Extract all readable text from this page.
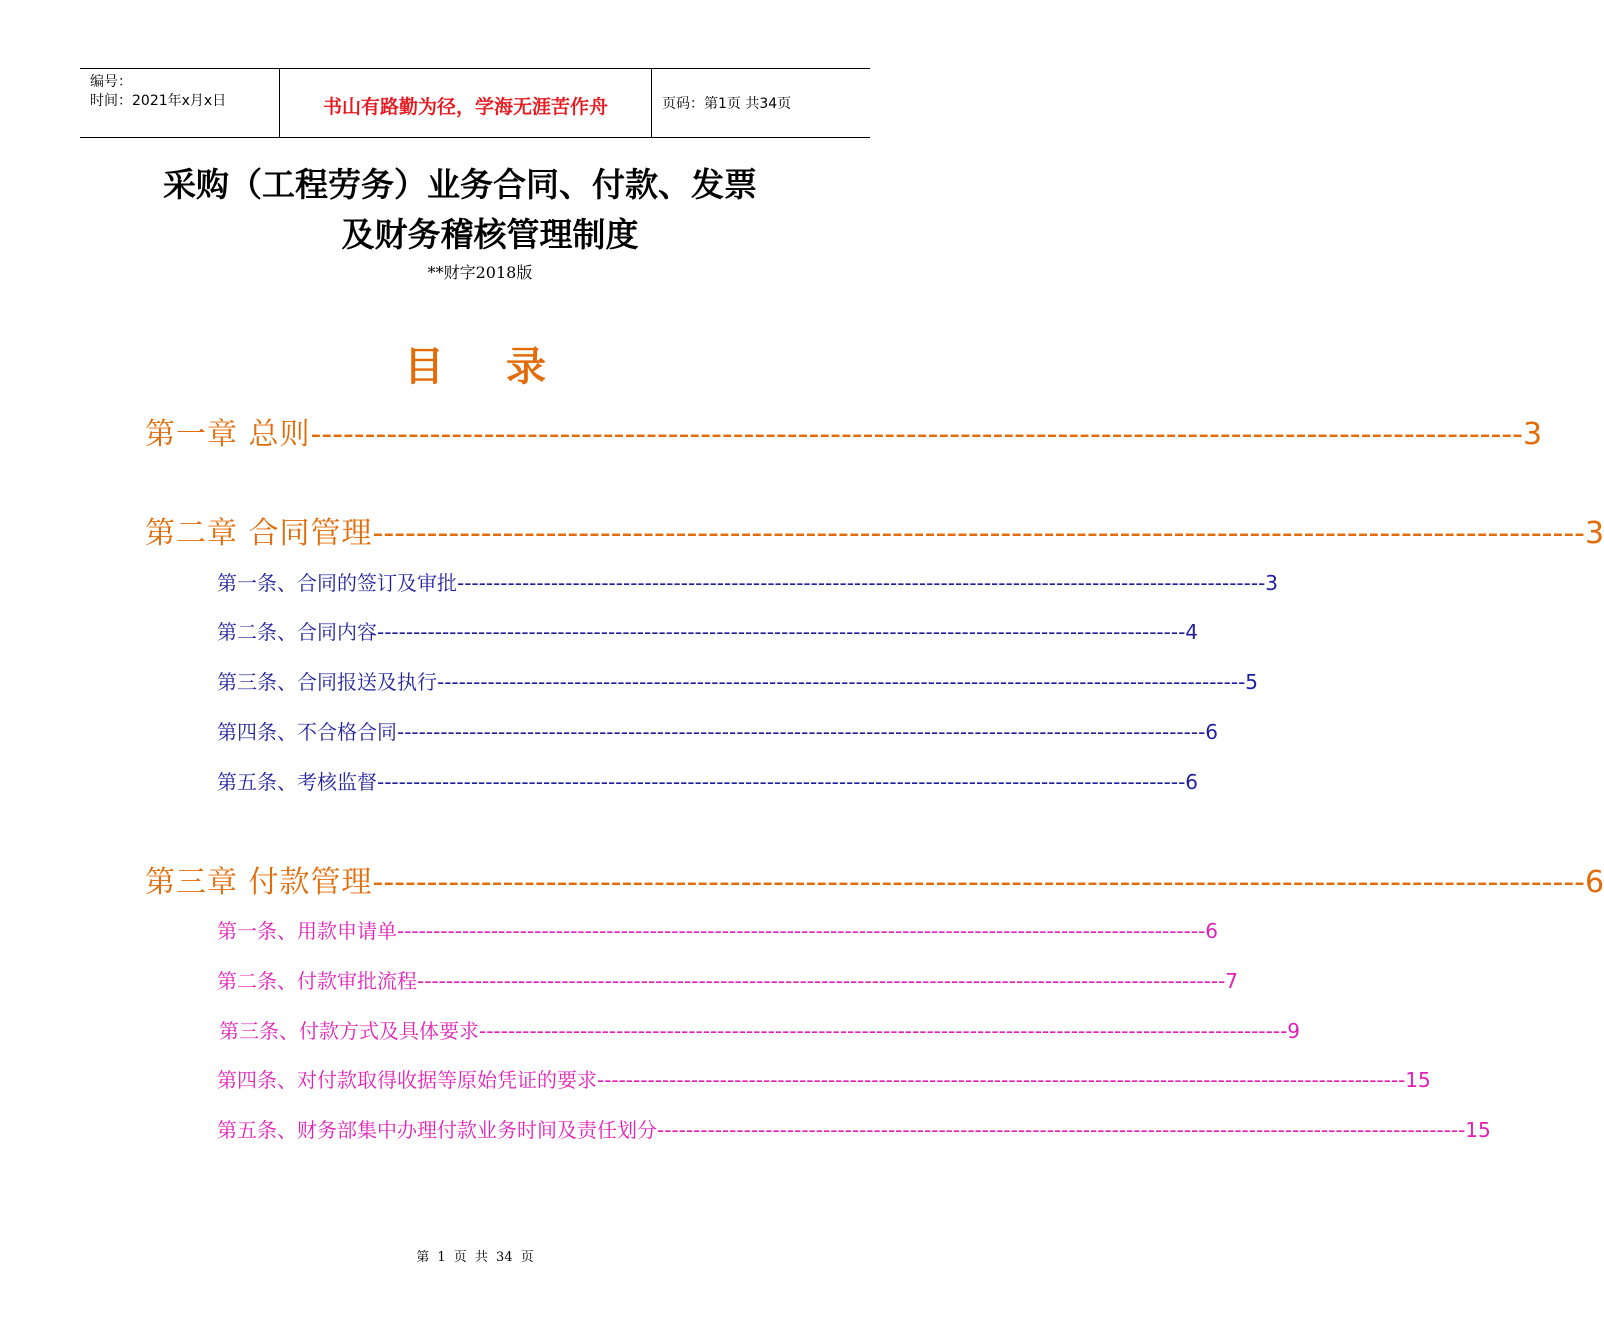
编号：
时间：2021年x月x日	书山有路勤为径，学海无涯苦作舟	页码：第1页 共34页
采购（工程劳务）业务合同、付款、发票
及财务稽核管理制度
**财字2018版
目 录
第一章 总则 ---------------------------------------------------------------------------------------------------------------- 3
第二章 合同管理 ---------------------------------------------------------------------------------------------------------------- 3
第一条、合同的签订及审批 ---------------------------------------------------------------------------------------------------------------- 3
第二条、合同内容 ---------------------------------------------------------------------------------------------------------------- 4
第三条、合同报送及执行 ---------------------------------------------------------------------------------------------------------------- 5
第四条、不合格合同 ---------------------------------------------------------------------------------------------------------------- 6
第五条、考核监督 ---------------------------------------------------------------------------------------------------------------- 6
第三章 付款管理 ---------------------------------------------------------------------------------------------------------------- 6
第一条、用款申请单 ---------------------------------------------------------------------------------------------------------------- 6
第二条、付款审批流程 ---------------------------------------------------------------------------------------------------------------- 7
第三条、付款方式及具体要求 ---------------------------------------------------------------------------------------------------------------- 9
第四条、对付款取得收据等原始凭证的要求 ---------------------------------------------------------------------------------------------------------------- 15
第五条、财务部集中办理付款业务时间及责任划分 ---------------------------------------------------------------------------------------------------------------- 15
第 1 页 共 34 页
